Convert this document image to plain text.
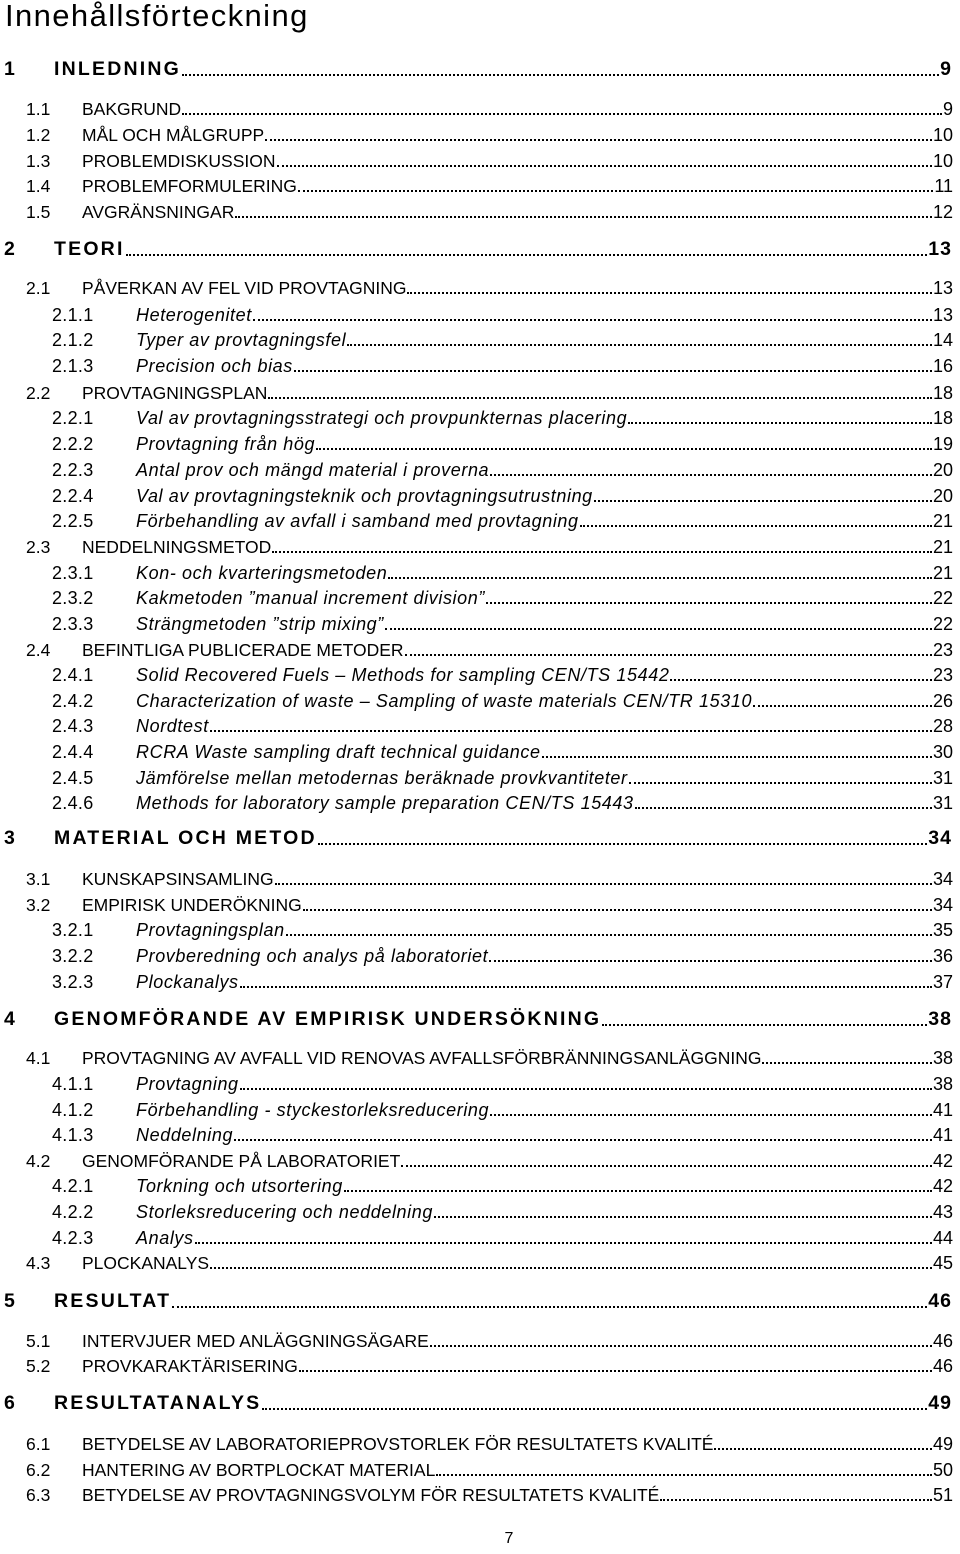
Innehållsförteckning
1	INLEDNING	9
1.1	BAKGRUND	9
1.2	MÅL OCH MÅLGRUPP	10
1.3	PROBLEMDISKUSSION	10
1.4	PROBLEMFORMULERING	11
1.5	AVGRÄNSNINGAR	12
2	TEORI	13
2.1	PÅVERKAN AV FEL VID PROVTAGNING	13
2.1.1	Heterogenitet	13
2.1.2	Typer av provtagningsfel	14
2.1.3	Precision och bias	16
2.2	PROVTAGNINGSPLAN	18
2.2.1	Val av provtagningsstrategi och provpunkternas placering	18
2.2.2	Provtagning från hög	19
2.2.3	Antal prov och mängd material i proverna	20
2.2.4	Val av provtagningsteknik och provtagningsutrustning	20
2.2.5	Förbehandling av avfall i samband med provtagning	21
2.3	NEDDELNINGSMETOD	21
2.3.1	Kon- och kvarteringsmetoden	21
2.3.2	Kakmetoden ”manual increment division”	22
2.3.3	Strängmetoden ”strip mixing”	22
2.4	BEFINTLIGA PUBLICERADE METODER	23
2.4.1	Solid Recovered Fuels – Methods for sampling CEN/TS 15442	23
2.4.2	Characterization of waste – Sampling of waste materials CEN/TR 15310	26
2.4.3	Nordtest	28
2.4.4	RCRA Waste sampling draft technical guidance	30
2.4.5	Jämförelse mellan metodernas beräknade provkvantiteter	31
2.4.6	Methods for laboratory sample preparation CEN/TS 15443	31
3	MATERIAL OCH METOD	34
3.1	KUNSKAPSINSAMLING	34
3.2	EMPIRISK UNDERÖKNING	34
3.2.1	Provtagningsplan	35
3.2.2	Provberedning och analys på laboratoriet	36
3.2.3	Plockanalys	37
4	GENOMFÖRANDE AV EMPIRISK UNDERSÖKNING	38
4.1	PROVTAGNING AV AVFALL VID RENOVAS AVFALLSFÖRBRÄNNINGSANLÄGGNING	38
4.1.1	Provtagning	38
4.1.2	Förbehandling - styckestorleksreducering	41
4.1.3	Neddelning	41
4.2	GENOMFÖRANDE PÅ LABORATORIET	42
4.2.1	Torkning och utsortering	42
4.2.2	Storleksreducering och neddelning	43
4.2.3	Analys	44
4.3	PLOCKANALYS	45
5	RESULTAT	46
5.1	INTERVJUER MED ANLÄGGNINGSÄGARE	46
5.2	PROVKARAKTÄRISERING	46
6	RESULTATANALYS	49
6.1	BETYDELSE AV LABORATORIEPROVSTORLEK FÖR RESULTATETS KVALITÉ	49
6.2	HANTERING AV BORTPLOCKAT MATERIAL	50
6.3	BETYDELSE AV PROVTAGNINGSVOLYM FÖR RESULTATETS KVALITÉ	51
7
